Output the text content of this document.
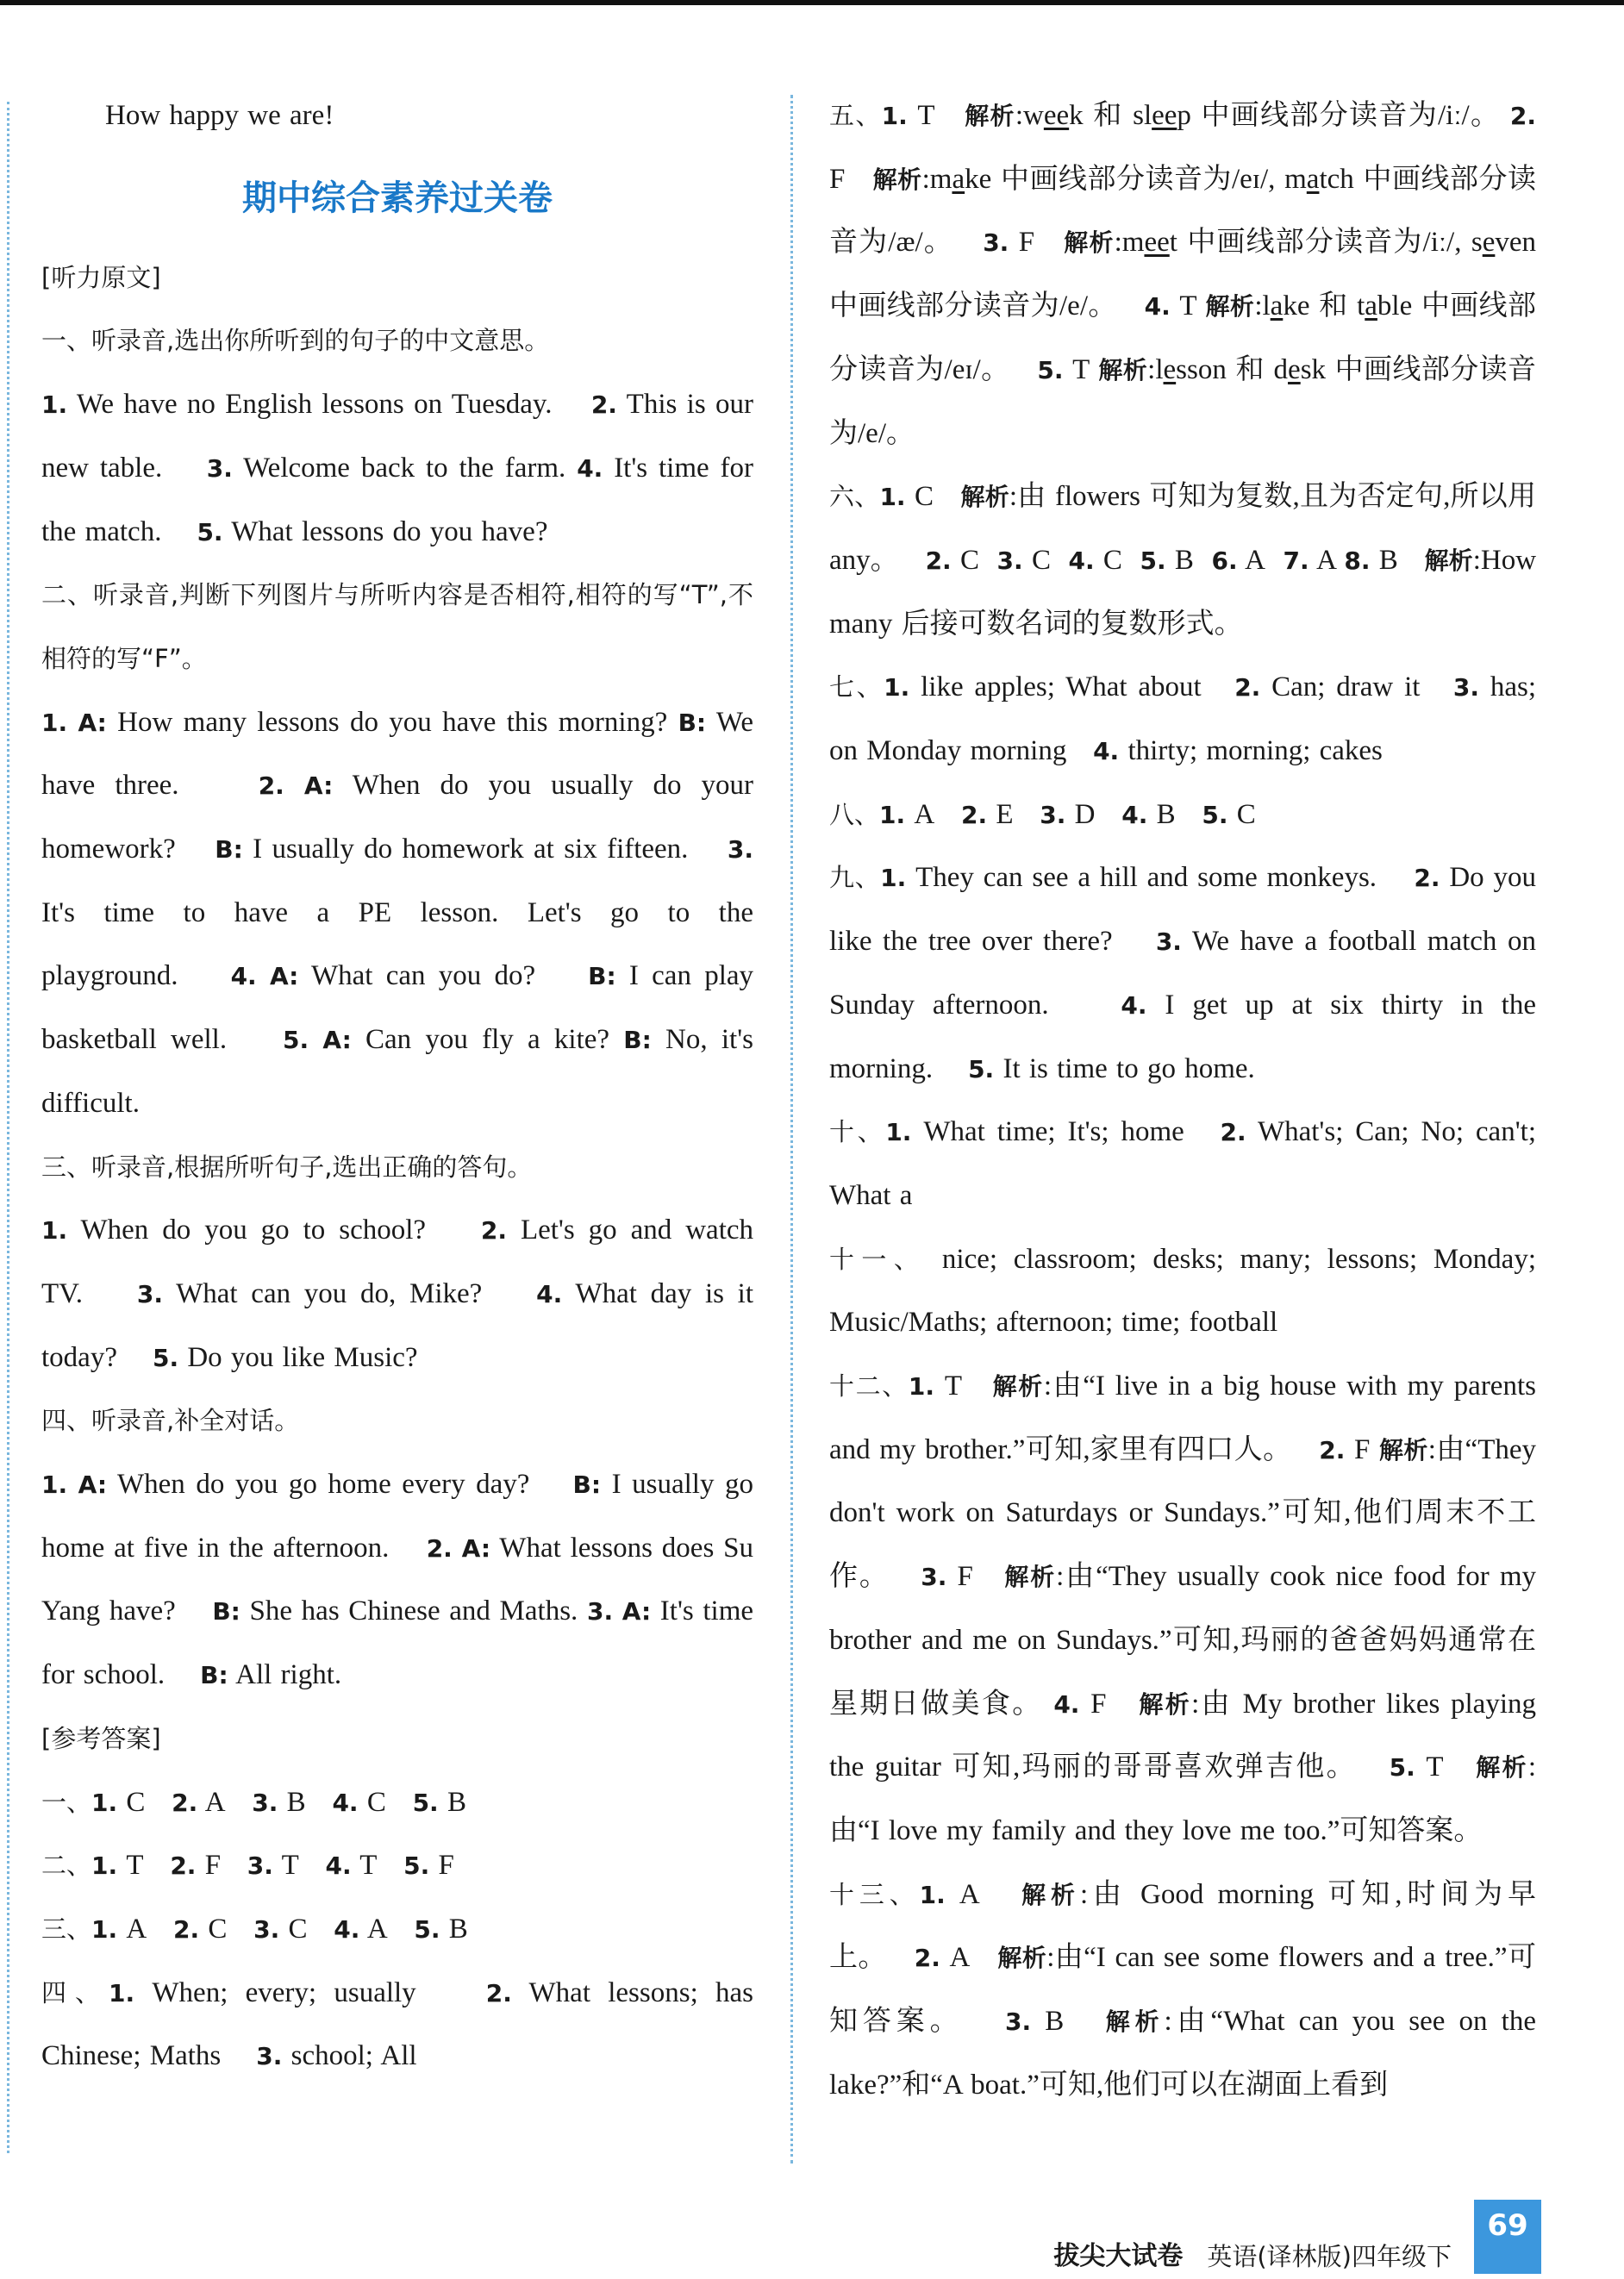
How happy we are!

期中综合素养过关卷

[听力原文]

一、听录音,选出你所听到的句子的中文意思。

1. We have no English lessons on Tuesday. 2. This is our new table. 3. Welcome back to the farm. 4. It's time for the match. 5. What lessons do you have?

二、听录音,判断下列图片与所听内容是否相符,相符的写“T”,不相符的写“F”。

1. A: How many lessons do you have this morning? B: We have three.	2. A: When do you usually do your homework? B: I usually do homework at six fifteen. 3. It's time to have a PE lesson. Let's go to the playground. 4. A: What can you do? B: I can play basketball well. 5. A: Can you fly a kite? B: No, it's difficult.

三、听录音,根据所听句子,选出正确的答句。

1. When do you go to school? 2. Let's go and watch TV. 3. What can you do, Mike? 4. What day is it today? 5. Do you like Music?

四、听录音,补全对话。

1. A: When do you go home every day? B: I usually go home at five in the afternoon. 2. A: What lessons does Su Yang have? B: She has Chinese and Maths. 3. A: It's time for school. B: All right.

[参考答案]

一、1. C 2. A 3. B 4. C 5. B

二、1. T 2. F 3. T 4. T 5. F

三、1. A 2. C 3. C 4. A 5. B

四、1. When; every; usually	2. What lessons; has Chinese; Maths 3. school; All

五、1. T 解析:week 和 sleep 中画线部分读音为/iː/。 2. F 解析:make 中画线部分读音为/eɪ/, match 中画线部分读音为/æ/。 3. F 解析:meet 中画线部分读音为/iː/, seven 中画线部分读音为/e/。 4. T 解析:lake 和 table 中画线部分读音为/eɪ/。 5. T 解析:lesson 和 desk 中画线部分读音为/e/。

六、1. C 解析:由 flowers 可知为复数,且为否定句,所以用 any。 2. C 3. C 4. C 5. B 6. A 7. A 8. B 解析:How many 后接可数名词的复数形式。

七、1. like apples; What about 2. Can; draw it 3. has; on Monday morning 4. thirty; morning; cakes

八、1. A 2. E 3. D 4. B 5. C

九、1. They can see a hill and some monkeys. 2. Do you like the tree over there? 3. We have a football match on Sunday afternoon.	4. I get up at six thirty in the morning. 5. It is time to go home.

十、1. What time; It's; home 2. What's; Can; No; can't; What a

十一、 nice; classroom; desks; many; lessons; Monday; Music/Maths; afternoon; time; football

十二、1. T 解析:由“I live in a big house with my parents and my brother.”可知,家里有四口人。 2. F 解析:由“They don't work on Saturdays or Sundays.”可知,他们周末不工作。 3. F 解析:由“They usually cook nice food for my brother and me on Sundays.”可知,玛丽的爸爸妈妈通常在星期日做美食。 4. F 解析:由 My brother likes playing the guitar 可知,玛丽的哥哥喜欢弹吉他。 5. T 解析:由“I love my family and they love me too.”可知答案。

十三、1. A 解析:由 Good morning 可知,时间为早上。 2. A 解析:由“I can see some flowers and a tree.”可知答案。 3. B 解析:由“What can you see on the lake?”和“A boat.”可知,他们可以在湖面上看到

拔尖大试卷 英语(译林版)四年级下
69
